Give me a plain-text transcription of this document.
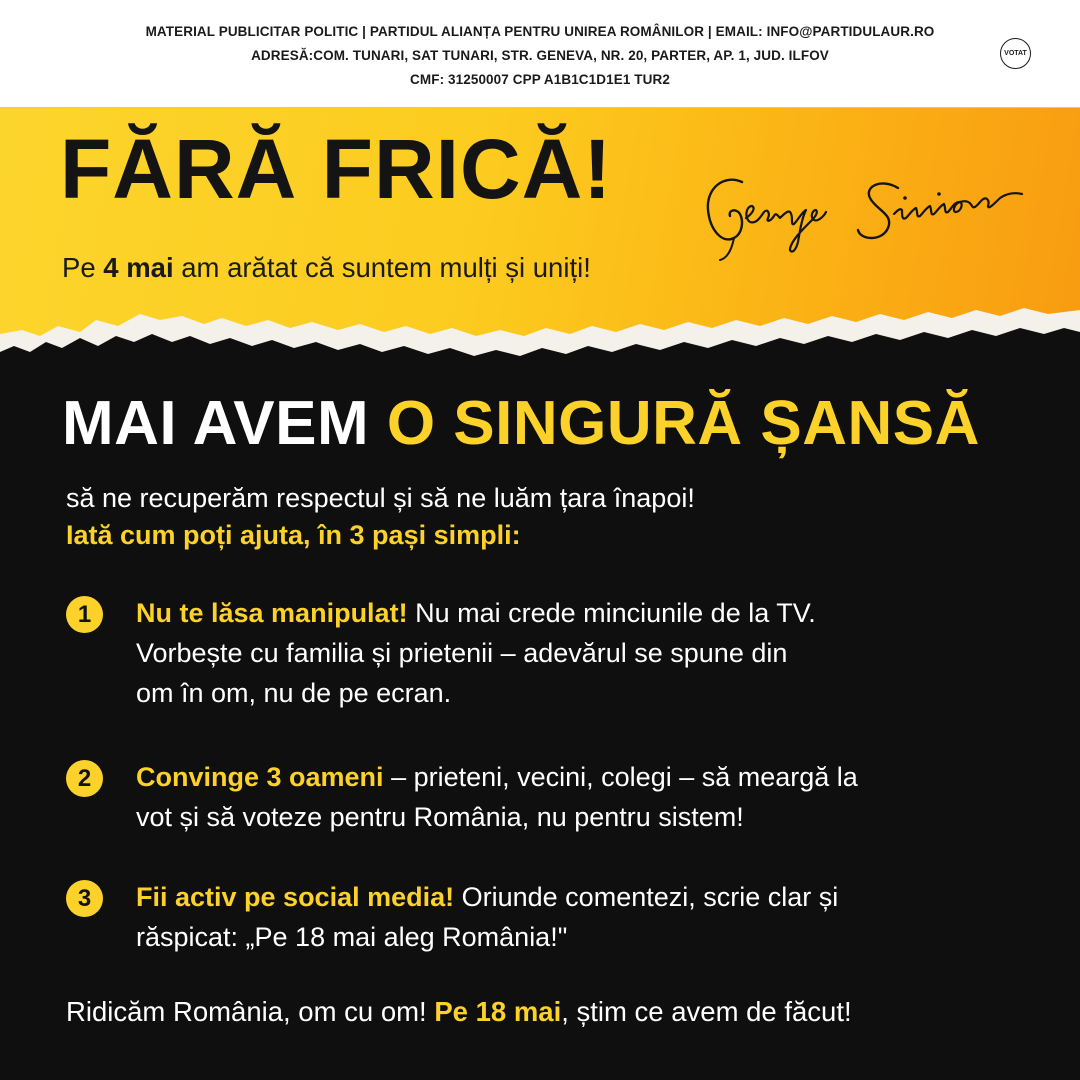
MATERIAL PUBLICITAR POLITIC | PARTIDUL ALIANȚA PENTRU UNIREA ROMÂNILOR | EMAIL: INFO@PARTIDULAUR.RO
ADRESĂ:COM. TUNARI, SAT TUNARI, STR. GENEVA, NR. 20, PARTER, AP. 1, JUD. ILFOV
CMF: 31250007 CPP A1B1C1D1E1 TUR2
VOTAT
FĂRĂ FRICĂ!
Pe 4 mai am arătat că suntem mulți și uniți!
MAI AVEM O SINGURĂ ȘANSĂ
să ne recuperăm respectul și să ne luăm țara înapoi!
Iată cum poți ajuta, în 3 pași simpli:
1	Nu te lăsa manipulat! Nu mai crede minciunile de la TV.
Vorbește cu familia și prietenii – adevărul se spune din
om în om, nu de pe ecran.
2	Convinge 3 oameni – prieteni, vecini, colegi – să meargă la
vot și să voteze pentru România, nu pentru sistem!
3	Fii activ pe social media! Oriunde comentezi, scrie clar și
răspicat: „Pe 18 mai aleg România!"
Ridicăm România, om cu om! Pe 18 mai, știm ce avem de făcut!
